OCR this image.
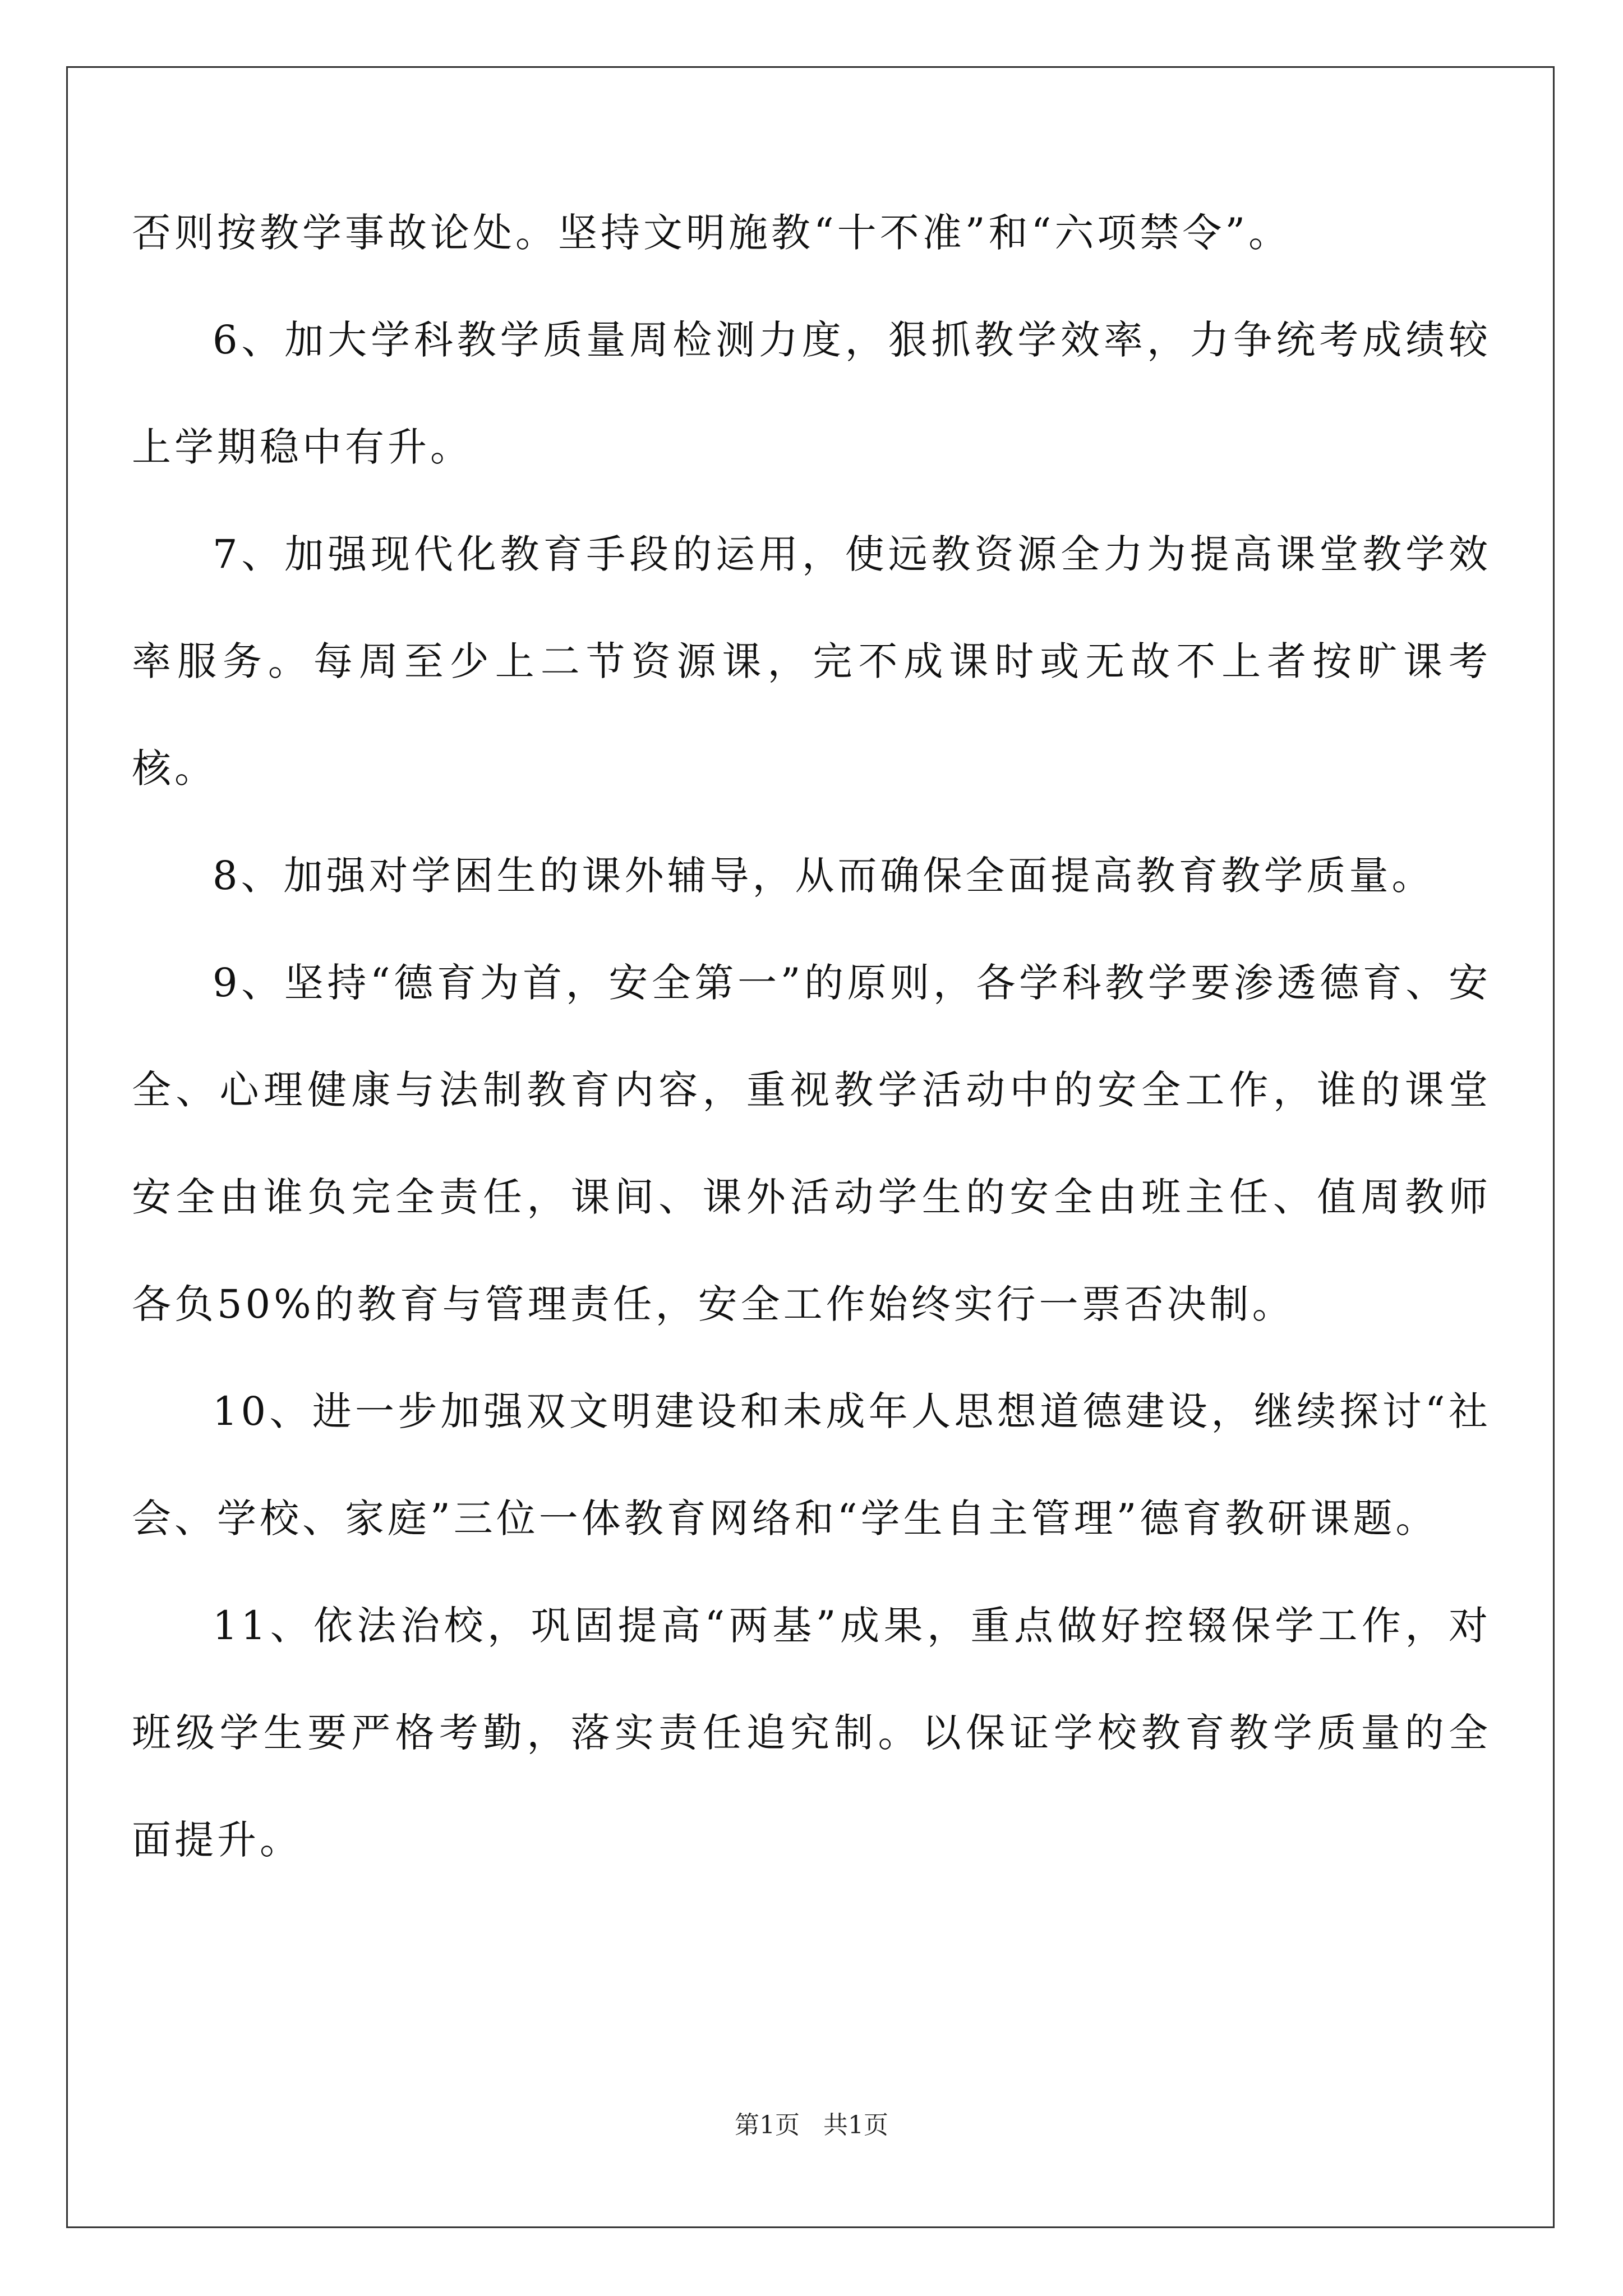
否则按教学事故论处。坚持文明施教“十不准”和“六项禁令”。

6、加大学科教学质量周检测力度，狠抓教学效率，力争统考成绩较上学期稳中有升。

7、加强现代化教育手段的运用，使远教资源全力为提高课堂教学效率服务。每周至少上二节资源课，完不成课时或无故不上者按旷课考核。

8、加强对学困生的课外辅导，从而确保全面提高教育教学质量。

9、坚持“德育为首，安全第一”的原则，各学科教学要渗透德育、安全、心理健康与法制教育内容，重视教学活动中的安全工作，谁的课堂安全由谁负完全责任，课间、课外活动学生的安全由班主任、值周教师各负50%的教育与管理责任，安全工作始终实行一票否决制。

10、进一步加强双文明建设和未成年人思想道德建设，继续探讨“社会、学校、家庭”三位一体教育网络和“学生自主管理”德育教研课题。

11、依法治校，巩固提高“两基”成果，重点做好控辍保学工作，对班级学生要严格考勤，落实责任追究制。以保证学校教育教学质量的全面提升。

第1页 共1页
